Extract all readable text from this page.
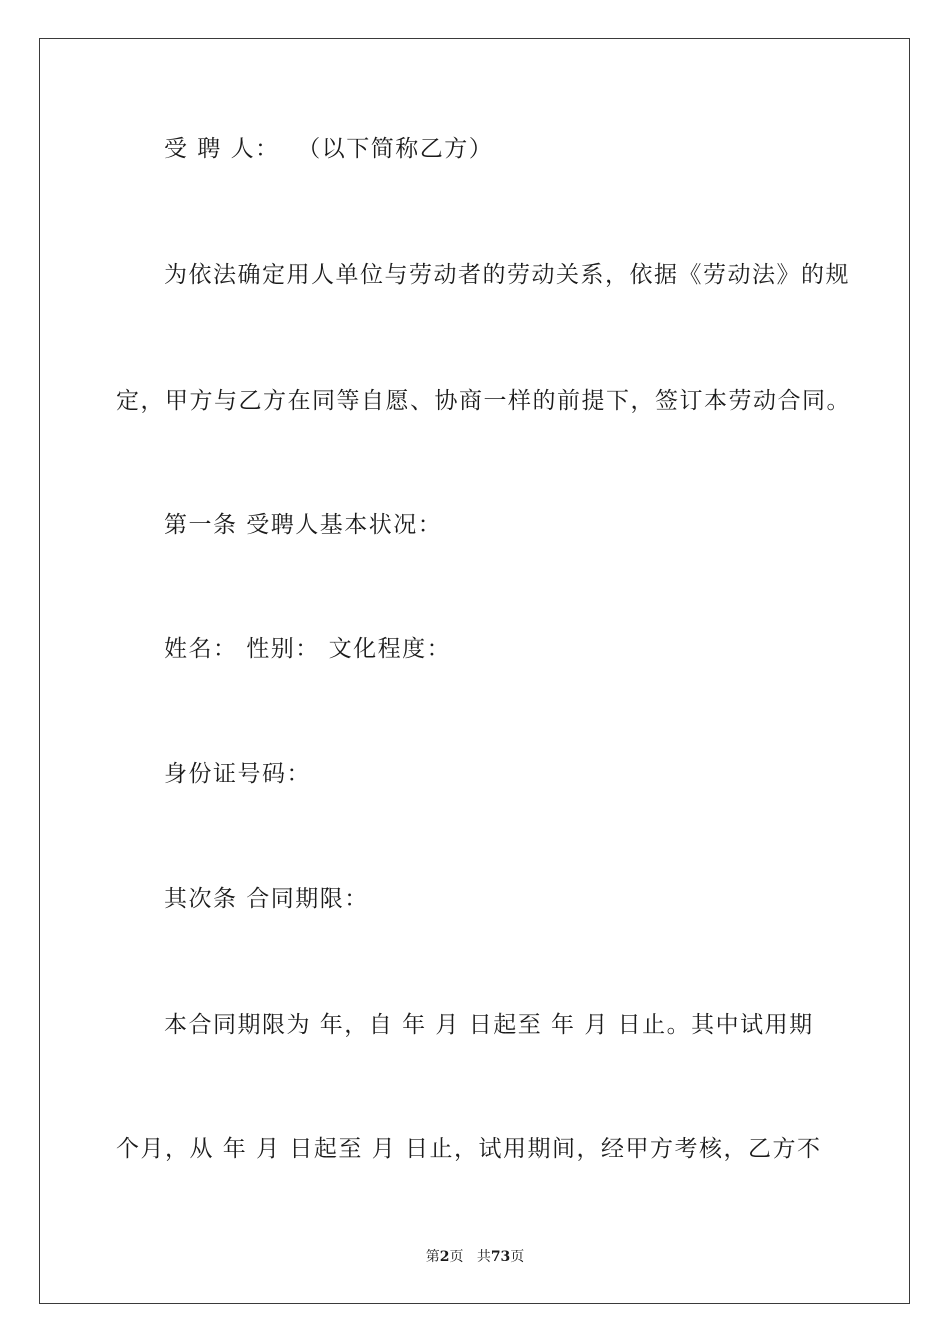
受 聘 人：  （以下简称乙方）
为依法确定用人单位与劳动者的劳动关系，依据《劳动法》的规
定，甲方与乙方在同等自愿、协商一样的前提下，签订本劳动合同。
第一条 受聘人基本状况：
姓名： 性别： 文化程度：
身份证号码：
其次条 合同期限：
本合同期限为 年，自 年 月 日起至 年 月 日止。其中试用期
个月，从 年 月 日起至 月 日止，试用期间，经甲方考核，乙方不
第2页 共73页
